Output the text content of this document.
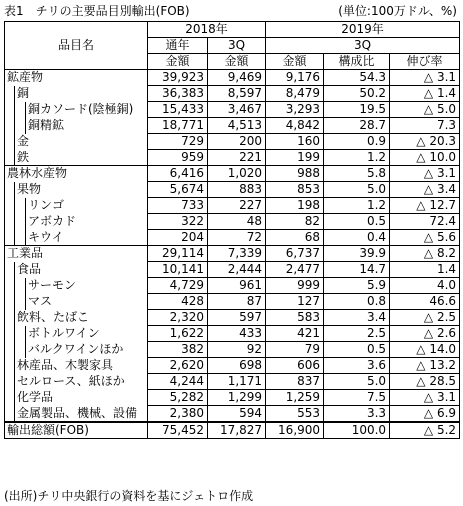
表1　チリの主要品目別輸出(FOB)	(単位:100万ドル、%)
品目名			2018年		2019年		
			通年	3Q	3Q		
			金額	金額	金額	構成比	伸び率
鉱産物			39,923	9,469	9,176	54.3	△ 3.1
	銅		36,383	8,597	8,479	50.2	△ 1.4
		銅カソード(陰極銅)	15,433	3,467	3,293	19.5	△ 5.0
		銅精鉱	18,771	4,513	4,842	28.7	7.3
	金		729	200	160	0.9	△ 20.3
	鉄		959	221	199	1.2	△ 10.0
農林水産物			6,416	1,020	988	5.8	△ 3.1
	果物		5,674	883	853	5.0	△ 3.4
		リンゴ	733	227	198	1.2	△ 12.7
		アボカド	322	48	82	0.5	72.4
		キウイ	204	72	68	0.4	△ 5.6
工業品			29,114	7,339	6,737	39.9	△ 8.2
	食品		10,141	2,444	2,477	14.7	1.4
		サーモン	4,729	961	999	5.9	4.0
		マス	428	87	127	0.8	46.6
	飲料、たばこ		2,320	597	583	3.4	△ 2.5
		ボトルワイン	1,622	433	421	2.5	△ 2.6
		バルクワインほか	382	92	79	0.5	△ 14.0
	林産品、木製家具		2,620	698	606	3.6	△ 13.2
	セルロース、紙ほか		4,244	1,171	837	5.0	△ 28.5
	化学品		5,282	1,299	1,259	7.5	△ 3.1
	金属製品、機械、設備		2,380	594	553	3.3	△ 6.9
輸出総額(FOB)			75,452	17,827	16,900	100.0	△ 5.2
(出所)チリ中央銀行の資料を基にジェトロ作成
